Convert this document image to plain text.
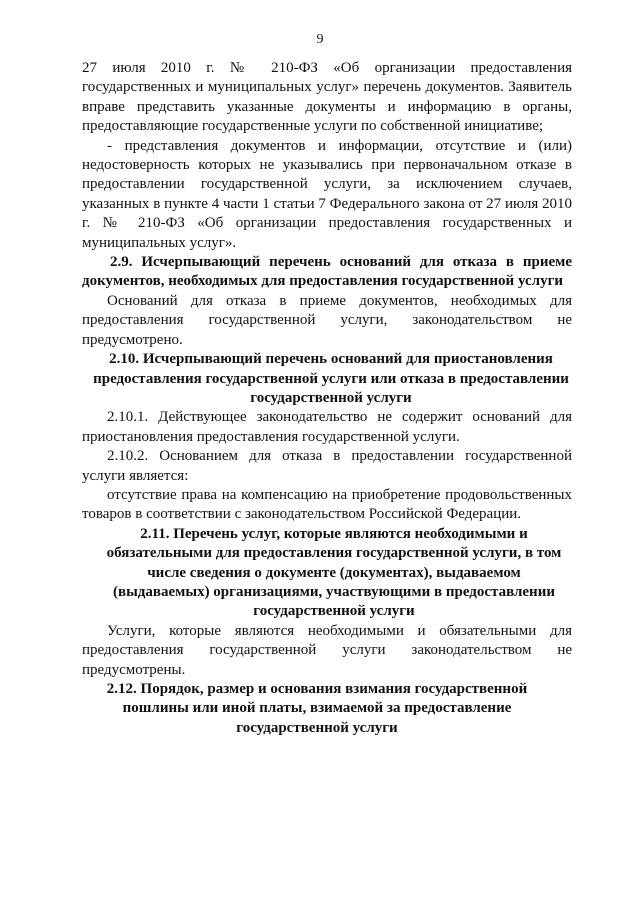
9

27 июля 2010 г. № 210-ФЗ «Об организации предоставления государственных и муниципальных услуг» перечень документов. Заявитель вправе представить указанные документы и информацию в органы, предоставляющие государственные услуги по собственной инициативе;

- представления документов и информации, отсутствие и (или) недостоверность которых не указывались при первоначальном отказе в предоставлении государственной услуги, за исключением случаев, указанных в пункте 4 части 1 статьи 7 Федерального закона от 27 июля 2010 г. № 210-ФЗ «Об организации предоставления государственных и муниципальных услуг».

2.9. Исчерпывающий перечень оснований для отказа в приеме документов, необходимых для предоставления государственной услуги

Оснований для отказа в приеме документов, необходимых для предоставления государственной услуги, законодательством не предусмотрено.

2.10. Исчерпывающий перечень оснований для приостановления предоставления государственной услуги или отказа в предоставлении государственной услуги

2.10.1. Действующее законодательство не содержит оснований для приостановления предоставления государственной услуги.

2.10.2. Основанием для отказа в предоставлении государственной услуги является:

отсутствие права на компенсацию на приобретение продовольственных товаров в соответствии с законодательством Российской Федерации.

2.11. Перечень услуг, которые являются необходимыми и обязательными для предоставления государственной услуги, в том числе сведения о документе (документах), выдаваемом (выдаваемых) организациями, участвующими в предоставлении государственной услуги

Услуги, которые являются необходимыми и обязательными для предоставления государственной услуги законодательством не предусмотрены.

2.12. Порядок, размер и основания взимания государственной пошлины или иной платы, взимаемой за предоставление государственной услуги
